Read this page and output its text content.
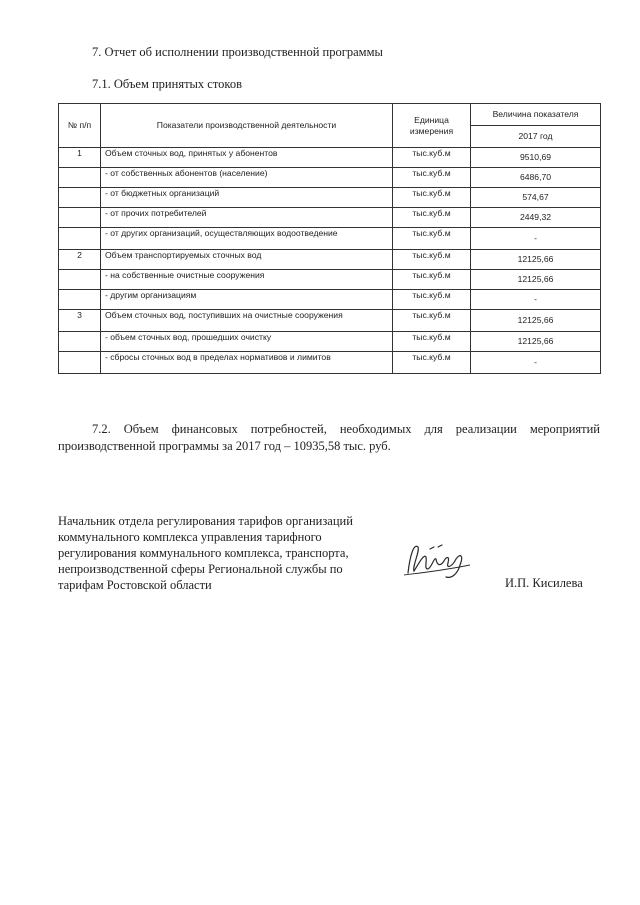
7. Отчет об исполнении производственной программы
7.1. Объем принятых стоков
№ п/п	Показатели производственной деятельности	Единица измерения	Величина показателя
			2017 год
1	Объем сточных вод, принятых у абонентов	тыс.куб.м	9510,69
	- от собственных абонентов (население)	тыс.куб.м	6486,70
	- от бюджетных организаций	тыс.куб.м	574,67
	- от прочих потребителей	тыс.куб.м	2449,32
	- от других организаций, осуществляющих водоотведение	тыс.куб.м	-
2	Объем транспортируемых сточных вод	тыс.куб.м	12125,66
	- на собственные очистные сооружения	тыс.куб.м	12125,66
	- другим организациям	тыс.куб.м	-
3	Объем сточных вод, поступивших на очистные сооружения	тыс.куб.м	12125,66
	- объем сточных вод, прошедших очистку	тыс.куб.м	12125,66
	- сбросы сточных вод в пределах нормативов и лимитов	тыс.куб.м	-
7.2. Объем финансовых потребностей, необходимых для реализации мероприятий производственной программы за 2017 год – 10935,58 тыс. руб.
Начальник отдела регулирования тарифов организаций
коммунального комплекса управления тарифного
регулирования коммунального комплекса, транспорта,
непроизводственной сферы Региональной службы по
тарифам Ростовской области	И.П. Кисилева
